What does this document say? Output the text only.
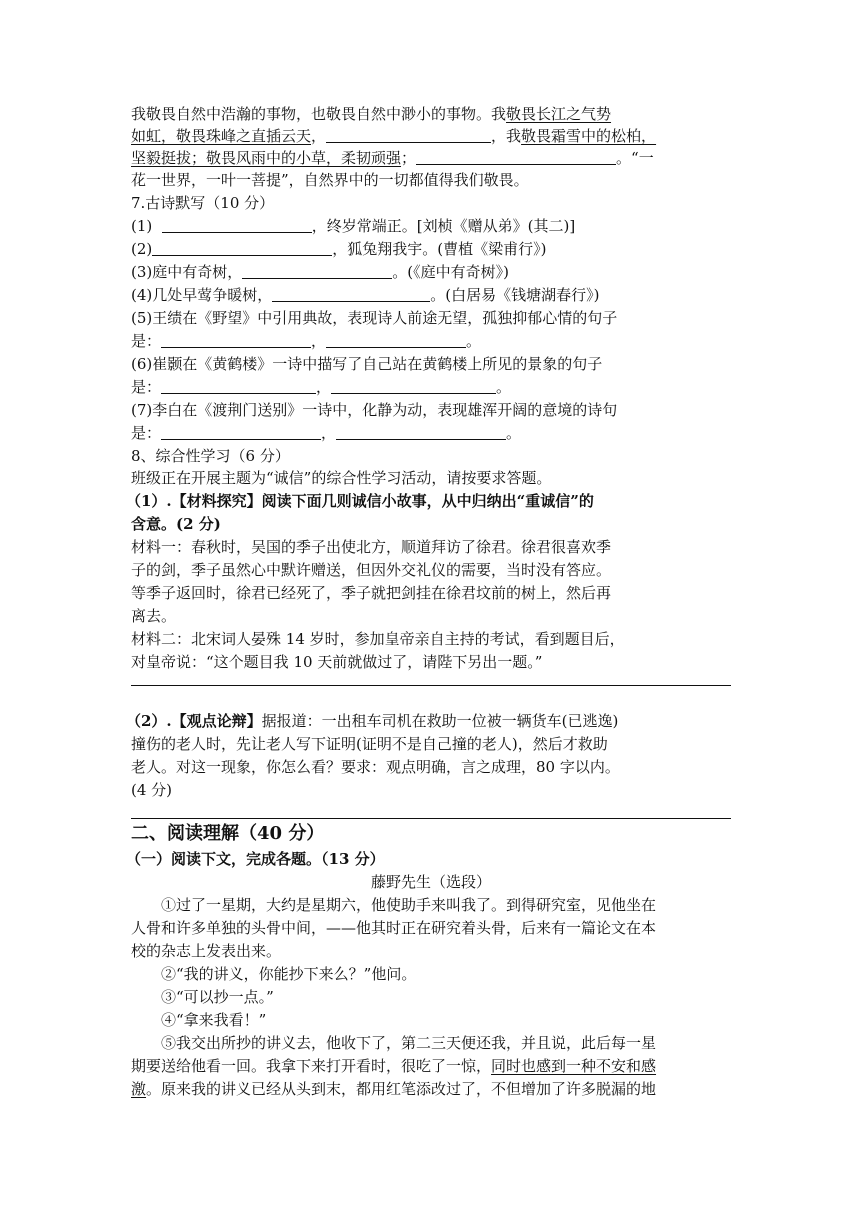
我敬畏自然中浩瀚的事物，也敬畏自然中渺小的事物。我敬畏长江之气势
如虹，敬畏珠峰之直插云天，	，我敬畏霜雪中的松柏，
坚毅挺拔；敬畏风雨中的小草，柔韧顽强；	。“一
花一世界，一叶一菩提”，自然界中的一切都值得我们敬畏。
7.古诗默写（10 分）
(1)	，终岁常端正。[刘桢《赠从弟》(其二)]
(2)	，狐兔翔我宇。(曹植《梁甫行》)
(3)庭中有奇树，	。(《庭中有奇树》)
(4)几处早莺争暖树，	。(白居易《钱塘湖春行》)
(5)王绩在《野望》中引用典故，表现诗人前途无望，孤独抑郁心情的句子
是：	，	。
(6)崔颢在《黄鹤楼》一诗中描写了自己站在黄鹤楼上所见的景象的句子
是：	，	。
(7)李白在《渡荆门送别》一诗中，化静为动，表现雄浑开阔的意境的诗句
是：	，	。
8、综合性学习（6 分）
班级正在开展主题为“诚信”的综合性学习活动，请按要求答题。
（1）.【材料探究】阅读下面几则诚信小故事，从中归纳出“重诚信”的
含意。(2 分)
材料一：春秋时，吴国的季子出使北方，顺道拜访了徐君。徐君很喜欢季
子的剑，季子虽然心中默许赠送，但因外交礼仪的需要，当时没有答应。
等季子返回时，徐君已经死了，季子就把剑挂在徐君坟前的树上，然后再
离去。
材料二：北宋词人晏殊 14 岁时，参加皇帝亲自主持的考试，看到题目后，
对皇帝说：“这个题目我 10 天前就做过了，请陛下另出一题。”
（2）.【观点论辩】据报道：一出租车司机在救助一位被一辆货车(已逃逸)
撞伤的老人时，先让老人写下证明(证明不是自己撞的老人)，然后才救助
老人。对这一现象，你怎么看？要求：观点明确，言之成理，80 字以内。
(4 分)
二、阅读理解（40 分）
（一）阅读下文，完成各题。（13 分）
藤野先生（选段）
①过了一星期，大约是星期六，他使助手来叫我了。到得研究室，见他坐在
人骨和许多单独的头骨中间，——他其时正在研究着头骨，后来有一篇论文在本
校的杂志上发表出来。
②“我的讲义，你能抄下来么？”他问。
③“可以抄一点。”
④“拿来我看！”
⑤我交出所抄的讲义去，他收下了，第二三天便还我，并且说，此后每一星
期要送给他看一回。我拿下来打开看时，很吃了一惊，同时也感到一种不安和感
激。原来我的讲义已经从头到末，都用红笔添改过了，不但增加了许多脱漏的地
